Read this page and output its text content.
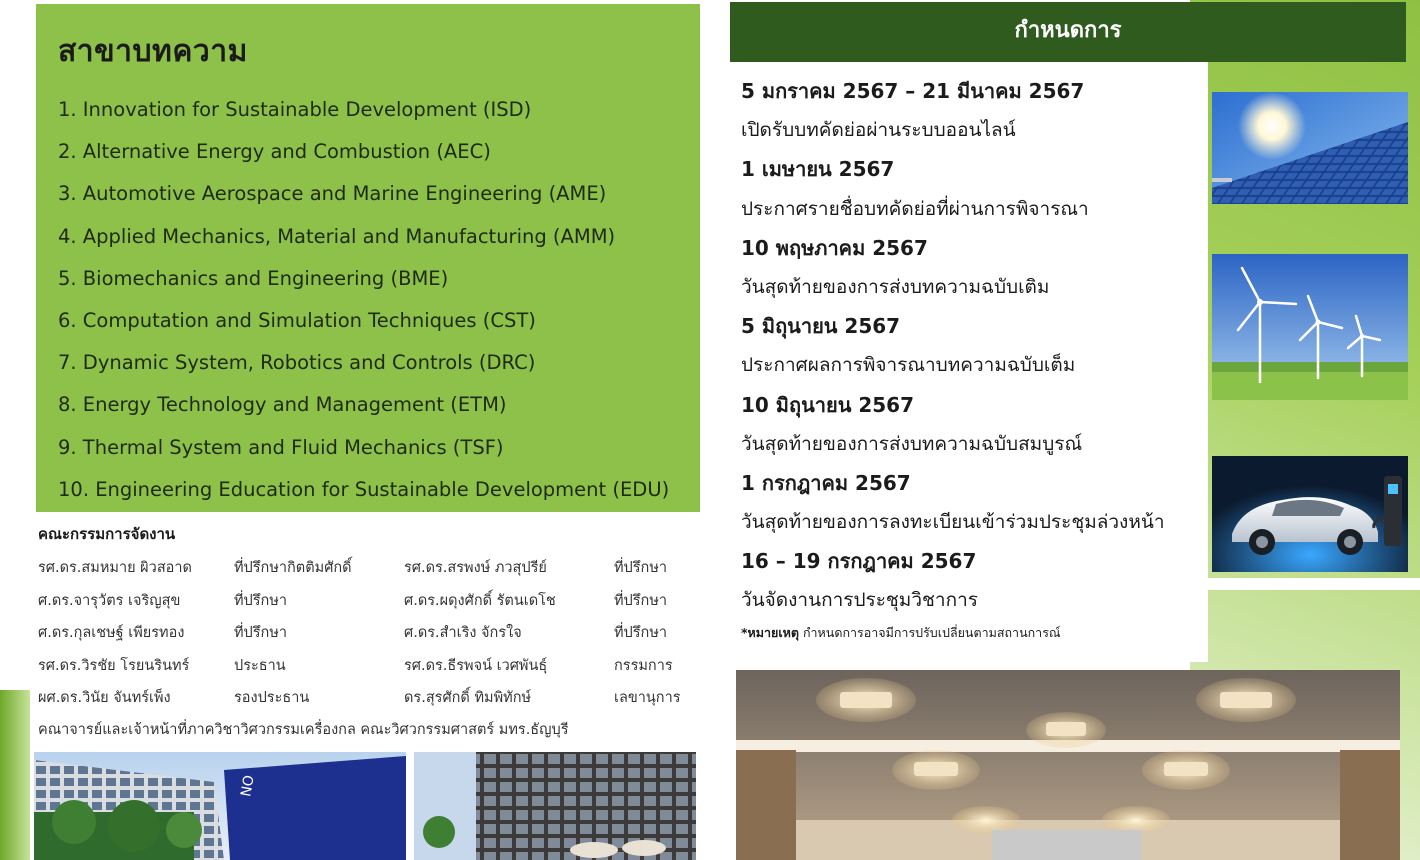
สาขาบทความ
1. Innovation for Sustainable Development (ISD)
2. Alternative Energy and Combustion (AEC)
3. Automotive Aerospace and Marine Engineering (AME)
4. Applied Mechanics, Material and Manufacturing (AMM)
5. Biomechanics and Engineering (BME)
6. Computation and Simulation Techniques (CST)
7. Dynamic System, Robotics and Controls (DRC)
8. Energy Technology and Management (ETM)
9. Thermal System and Fluid Mechanics (TSF)
10. Engineering Education for Sustainable Development (EDU)
คณะกรรมการจัดงาน
รศ.ดร.สมหมาย ผิวสอาด	ที่ปรึกษากิตติมศักดิ์	รศ.ดร.สรพงษ์ ภวสุปรีย์	ที่ปรึกษา
ศ.ดร.จารุวัตร เจริญสุข	ที่ปรึกษา	ศ.ดร.ผดุงศักดิ์ รัตนเดโช	ที่ปรึกษา
ศ.ดร.กุลเชษฐ์ เพียรทอง	ที่ปรึกษา	ศ.ดร.สำเริง จักรใจ	ที่ปรึกษา
รศ.ดร.วิรชัย โรยนรินทร์	ประธาน	รศ.ดร.ธีรพจน์ เวศพันธุ์	กรรมการ
ผศ.ดร.วินัย จันทร์เพ็ง	รองประธาน	ดร.สุรศักดิ์ ทิมพิทักษ์	เลขานุการ
คณาจารย์และเจ้าหน้าที่ภาควิชาวิศวกรรมเครื่องกล คณะวิศวกรรมศาสตร์ มทร.ธัญบุรี
NO
กำหนดการ
5 มกราคม 2567 – 21 มีนาคม 2567
เปิดรับบทคัดย่อผ่านระบบออนไลน์
1 เมษายน 2567
ประกาศรายชื่อบทคัดย่อที่ผ่านการพิจารณา
10 พฤษภาคม 2567
วันสุดท้ายของการส่งบทความฉบับเติม
5 มิถุนายน 2567
ประกาศผลการพิจารณาบทความฉบับเต็ม
10 มิถุนายน 2567
วันสุดท้ายของการส่งบทความฉบับสมบูรณ์
1 กรกฎาคม 2567
วันสุดท้ายของการลงทะเบียนเข้าร่วมประชุมล่วงหน้า
16 – 19 กรกฎาคม 2567
วันจัดงานการประชุมวิชาการ
*หมายเหตุ กำหนดการอาจมีการปรับเปลี่ยนตามสถานการณ์
